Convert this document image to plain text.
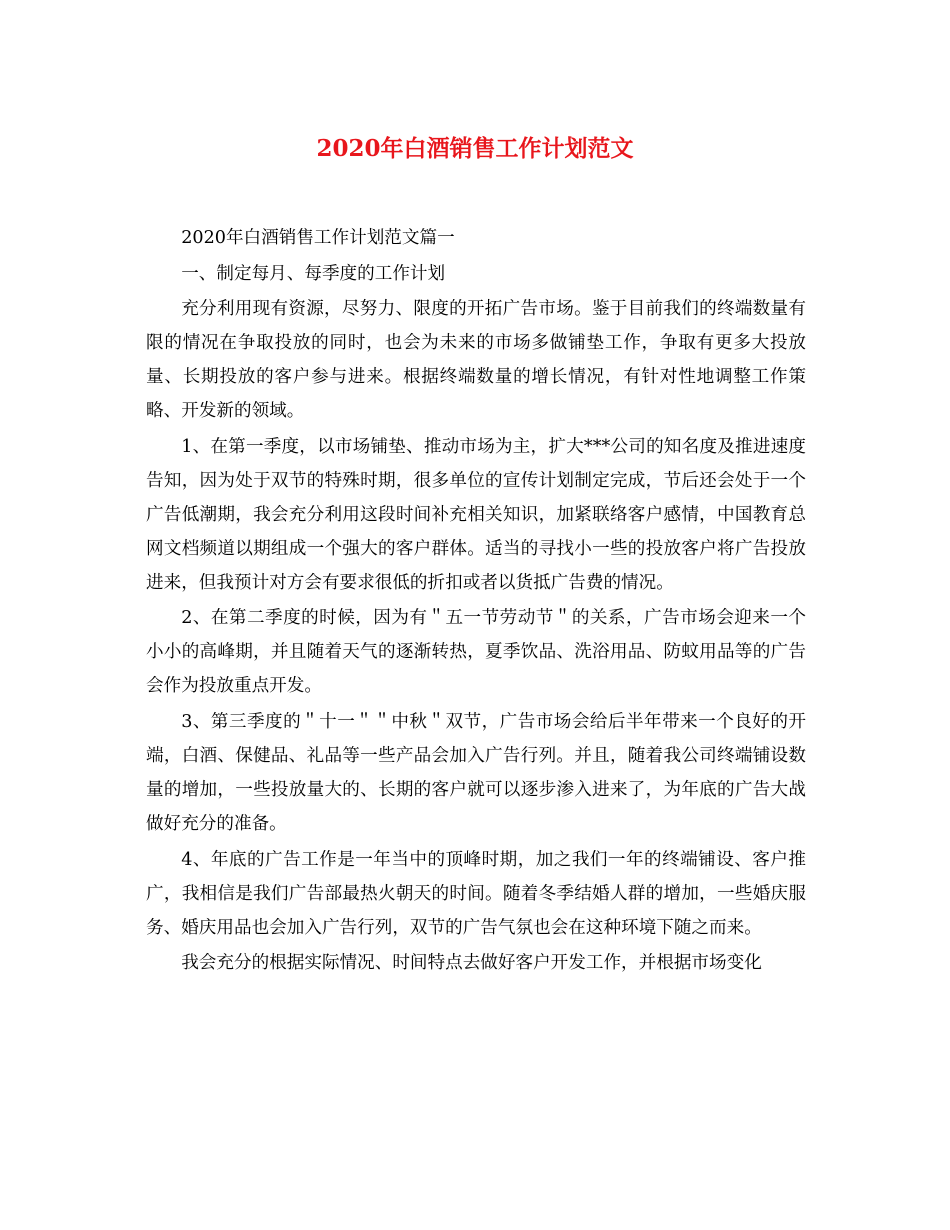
2020年白酒销售工作计划范文

2020年白酒销售工作计划范文篇一

一、制定每月、每季度的工作计划

充分利用现有资源，尽努力、限度的开拓广告市场。鉴于目前我们的终端数量有限的情况在争取投放的同时，也会为未来的市场多做铺垫工作，争取有更多大投放量、长期投放的客户参与进来。根据终端数量的增长情况，有针对性地调整工作策略、开发新的领域。

1、在第一季度，以市场铺垫、推动市场为主，扩大***公司的知名度及推进速度告知，因为处于双节的特殊时期，很多单位的宣传计划制定完成，节后还会处于一个广告低潮期，我会充分利用这段时间补充相关知识，加紧联络客户感情，中国教育总网文档频道以期组成一个强大的客户群体。适当的寻找小一些的投放客户将广告投放进来，但我预计对方会有要求很低的折扣或者以货抵广告费的情况。

2、在第二季度的时候，因为有＂五一节劳动节＂的关系，广告市场会迎来一个小小的高峰期，并且随着天气的逐渐转热，夏季饮品、洗浴用品、防蚊用品等的广告会作为投放重点开发。

3、第三季度的＂十一＂＂中秋＂双节，广告市场会给后半年带来一个良好的开端，白酒、保健品、礼品等一些产品会加入广告行列。并且，随着我公司终端铺设数量的增加，一些投放量大的、长期的客户就可以逐步渗入进来了，为年底的广告大战做好充分的准备。

4、年底的广告工作是一年当中的顶峰时期，加之我们一年的终端铺设、客户推广，我相信是我们广告部最热火朝天的时间。随着冬季结婚人群的增加，一些婚庆服务、婚庆用品也会加入广告行列，双节的广告气氛也会在这种环境下随之而来。

我会充分的根据实际情况、时间特点去做好客户开发工作，并根据市场变化
